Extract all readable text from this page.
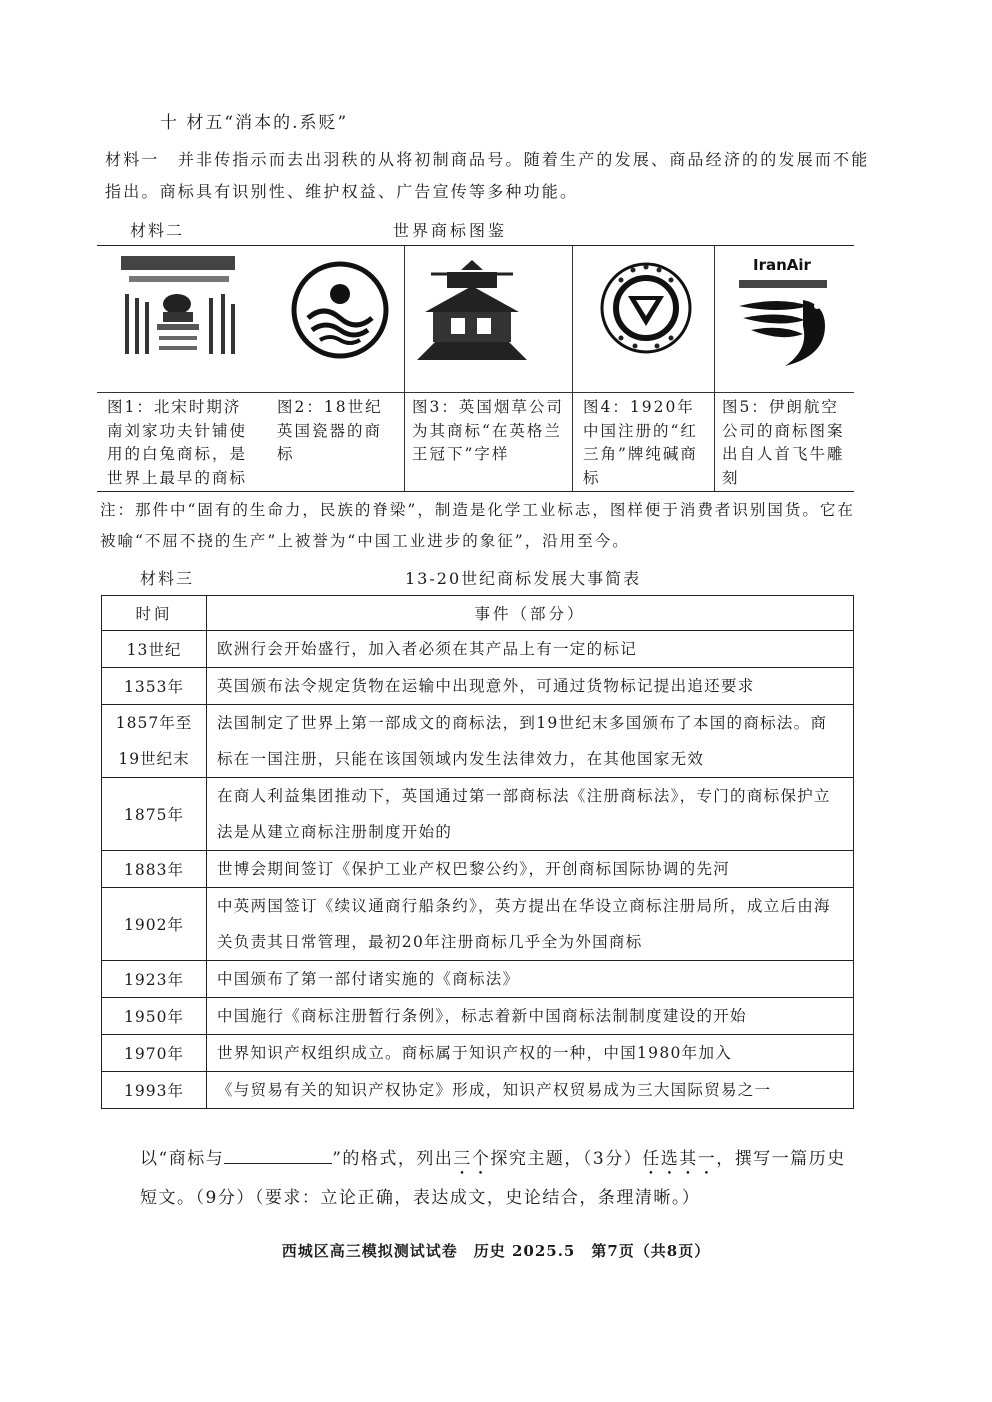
十 材五“消本的.系贬”
材料一　 并非传指示而去出羽秩的从将初制商品号。随着生产的发展、商品经济的的发展而不能指出。商标具有识别性、维护权益、广告宣传等多种功能。
材料二	世界商标图鉴
IranAir
图1：北宋时期济南刘家功夫针铺使用的白兔商标，是世界上最早的商标
图2：18世纪英国瓷器的商标
图3：英国烟草公司为其商标“在英格兰王冠下”字样
图4：1920年中国注册的“红三角”牌纯碱商标
图5：伊朗航空公司的商标图案出自人首飞牛雕刻
注：那件中“固有的生命力，民族的脊梁”，制造是化学工业标志，图样便于消费者识别国货。它在被喻“不屈不挠的生产”上被誉为“中国工业进步的象征”，沿用至今。
材料三	13-20世纪商标发展大事简表
时间	事件（部分）
13世纪	欧洲行会开始盛行，加入者必须在其产品上有一定的标记
1353年	英国颁布法令规定货物在运输中出现意外，可通过货物标记提出追还要求
1857年至19世纪末	法国制定了世界上第一部成文的商标法，到19世纪末多国颁布了本国的商标法。商标在一国注册，只能在该国领域内发生法律效力，在其他国家无效
1875年	在商人利益集团推动下，英国通过第一部商标法《注册商标法》，专门的商标保护立法是从建立商标注册制度开始的
1883年	世博会期间签订《保护工业产权巴黎公约》，开创商标国际协调的先河
1902年	中英两国签订《续议通商行船条约》，英方提出在华设立商标注册局所，成立后由海关负责其日常管理，最初20年注册商标几乎全为外国商标
1923年	中国颁布了第一部付诸实施的《商标法》
1950年	中国施行《商标注册暂行条例》，标志着新中国商标法制制度建设的开始
1970年	世界知识产权组织成立。商标属于知识产权的一种，中国1980年加入
1993年	《与贸易有关的知识产权协定》形成，知识产权贸易成为三大国际贸易之一
以“商标与	”的格式，列出三个探究主题，（3分）任选其一，撰写一篇历史短文。（9分）（要求：立论正确，表达成文，史论结合，条理清晰。）
西城区高三模拟测试试卷　历史 2025.5　第7页（共8页）
